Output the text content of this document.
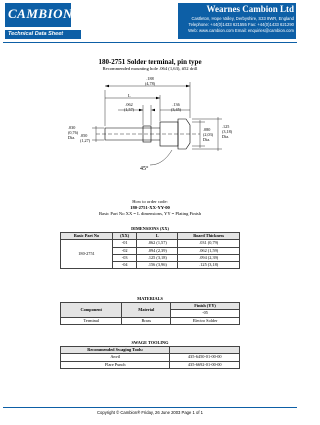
CAMBION
Technical Data Sheet
Wearnes Cambion Ltd
Castleton, Hope Valley, Derbyshire, S33 8WR, England
Telephone: +44(0)1433 621555 Fax: +44(0)1433 621290
Web: www.cambion.com Email: enquiries@cambion.com
180-2751 Solder terminal, pin type
Recommended mounting hole .064 (1,63), #52 drill
.188
(4,78)
L
.062
(1,57)
.136
(3,45)
.030
(0,76)
Dia.	.050
(1,27)
.080
(2,03)
Dia.
.125
(3,18)
Dia.
45°
How to order code:
180-2751-XX-YY-00
Basic Part No XX = L dimensions, YY = Plating Finish
DIMENSIONS (XX)			
Basic Part No	(XX)	L	Board Thickness
180-2751	-01	.062 (1,57)	.031 (0,79)
	-02	.094 (2,39)	.062 (1,59)
	-03	.125 (3,18)	.094 (2,39)
	-04	.156 (3,96)	.125 (3,18)
MATERIALS		
Component	Material	Finish (YY)
		-05
Terminal	Brass	Electro Solder
SWAGE TOOLING	
Recommended Swaging Tools:	
Anvil	435-6450-01-00-00
Flare Punch	435-6692-01-00-00
Copyright © Cambion® Friday, 26 June 2003 Page 1 of 1
